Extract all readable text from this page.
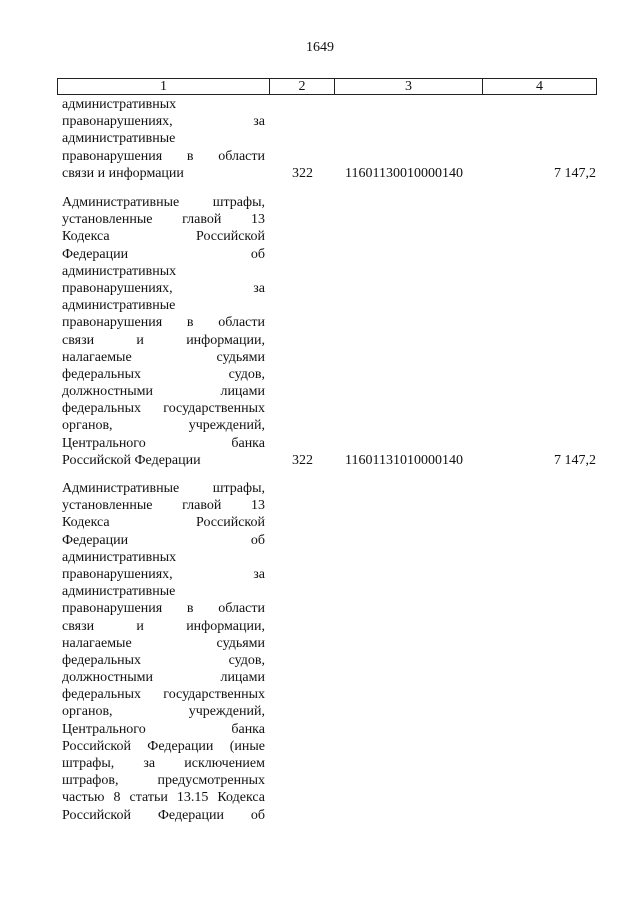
1649
1	2	3	4
административных
правонарушениях, за
административные
правонарушения в области
связи и информации	322	11601130010000140	7 147,2
Административные штрафы,
установленные главой 13
Кодекса Российской
Федерации об
административных
правонарушениях, за
административные
правонарушения в области
связи и информации,
налагаемые судьями
федеральных судов,
должностными лицами
федеральных государственных
органов, учреждений,
Центрального банка
Российской Федерации	322	11601131010000140	7 147,2
Административные штрафы,
установленные главой 13
Кодекса Российской
Федерации об
административных
правонарушениях, за
административные
правонарушения в области
связи и информации,
налагаемые судьями
федеральных судов,
должностными лицами
федеральных государственных
органов, учреждений,
Центрального банка
Российской Федерации (иные
штрафы, за исключением
штрафов, предусмотренных
частью 8 статьи 13.15 Кодекса
Российской Федерации об
